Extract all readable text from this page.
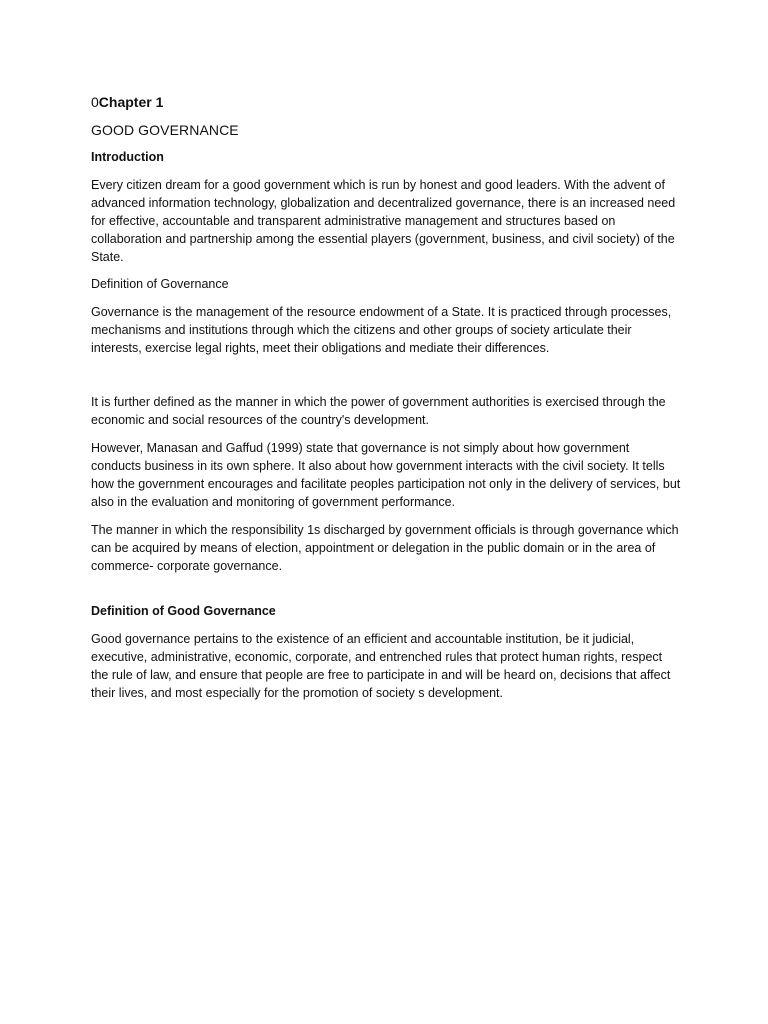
0Chapter 1
GOOD GOVERNANCE
Introduction

Every citizen dream for a good government which is run by honest and good leaders. With the advent of advanced information technology, globalization and decentralized governance, there is an increased need for effective, accountable and transparent administrative management and structures based on collaboration and partnership among the essential players (government, business, and civil society) of the State.

Definition of Governance

Governance is the management of the resource endowment of a State. It is practiced through processes, mechanisms and institutions through which the citizens and other groups of society articulate their interests, exercise legal rights, meet their obligations and mediate their differences.

It is further defined as the manner in which the power of government authorities is exercised through the economic and social resources of the country's development.

However, Manasan and Gaffud (1999) state that governance is not simply about how government conducts business in its own sphere. It also about how government interacts with the civil society. It tells how the government encourages and facilitate peoples participation not only in the delivery of services, but also in the evaluation and monitoring of government performance.

The manner in which the responsibility 1s discharged by government officials is through governance which can be acquired by means of election, appointment or delegation in the public domain or in the area of commerce- corporate governance.

Definition of Good Governance

Good governance pertains to the existence of an efficient and accountable institution, be it judicial, executive, administrative, economic, corporate, and entrenched rules that protect human rights, respect the rule of law, and ensure that people are free to participate in and will be heard on, decisions that affect their lives, and most especially for the promotion of society s development.
